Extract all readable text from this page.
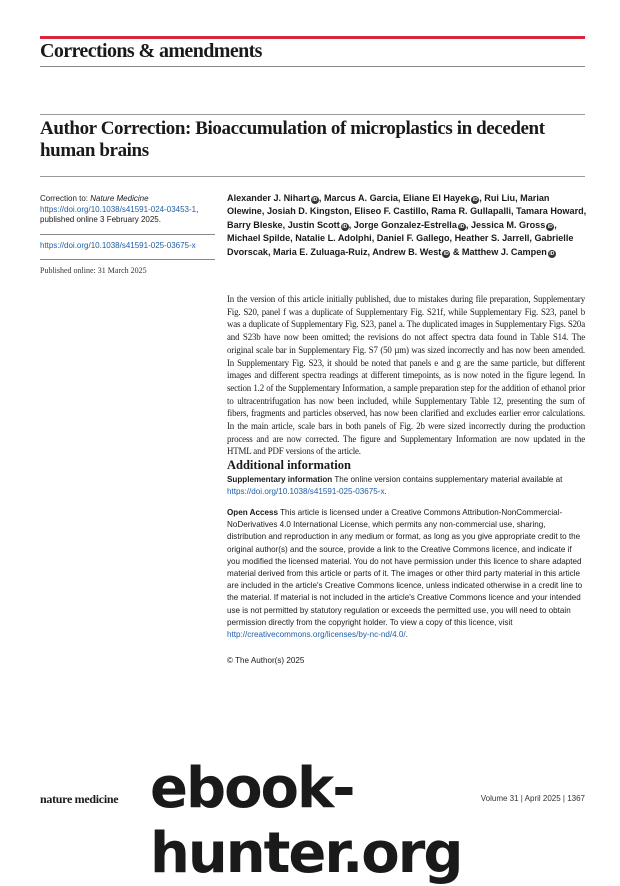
Corrections & amendments
Author Correction: Bioaccumulation of microplastics in decedent human brains
Correction to: Nature Medicine
https://doi.org/10.1038/s41591-024-03453-1, published online 3 February 2025.
https://doi.org/10.1038/s41591-025-03675-x
Published online: 31 March 2025
Alexander J. Nihart iD , Marcus A. Garcia, Eliane El Hayek iD , Rui Liu, Marian Olewine, Josiah D. Kingston, Eliseo F. Castillo, Rama R. Gullapalli, Tamara Howard, Barry Bleske, Justin Scott iD , Jorge Gonzalez-Estrella iD , Jessica M. Gross iD , Michael Spilde, Natalie L. Adolphi, Daniel F. Gallego, Heather S. Jarrell, Gabrielle Dvorscak, Maria E. Zuluaga-Ruiz, Andrew B. West iD & Matthew J. Campen iD
In the version of this article initially published, due to mistakes during file preparation, Supplementary Fig. S20, panel f was a duplicate of Supplementary Fig. S21f, while Supplementary Fig. S23, panel b was a duplicate of Supplementary Fig. S23, panel a. The duplicated images in Supplementary Figs. S20a and S23b have now been omitted; the revisions do not affect spectra data found in Table S14. The original scale bar in Supplementary Fig. S7 (50 µm) was sized incorrectly and has now been amended. In Supplementary Fig. S23, it should be noted that panels e and g are the same particle, but different images and different spectra readings at different timepoints, as is now noted in the figure legend. In section 1.2 of the Supplementary Information, a sample preparation step for the addition of ethanol prior to ultracentrifugation has now been included, while Supplementary Table 12, presenting the sum of fibers, fragments and particles observed, has now been clarified and excludes earlier error calculations. In the main article, scale bars in both panels of Fig. 2b were sized incorrectly during the production process and are now corrected. The figure and Supplementary Information are now updated in the HTML and PDF versions of the article.
Additional information
Supplementary information The online version contains supplementary material available at https://doi.org/10.1038/s41591-025-03675-x.
Open Access This article is licensed under a Creative Commons Attribution-NonCommercial-NoDerivatives 4.0 International License, which permits any non-commercial use, sharing, distribution and reproduction in any medium or format, as long as you give appropriate credit to the original author(s) and the source, provide a link to the Creative Commons licence, and indicate if you modified the licensed material. You do not have permission under this licence to share adapted material derived from this article or parts of it. The images or other third party material in this article are included in the article's Creative Commons licence, unless indicated otherwise in a credit line to the material. If material is not included in the article's Creative Commons licence and your intended use is not permitted by statutory regulation or exceeds the permitted use, you will need to obtain permission directly from the copyright holder. To view a copy of this licence, visit http://creativecommons.org/licenses/by-nc-nd/4.0/.
© The Author(s) 2025
nature medicine	Volume 31 | April 2025 | 1367
ebook-hunter.org
